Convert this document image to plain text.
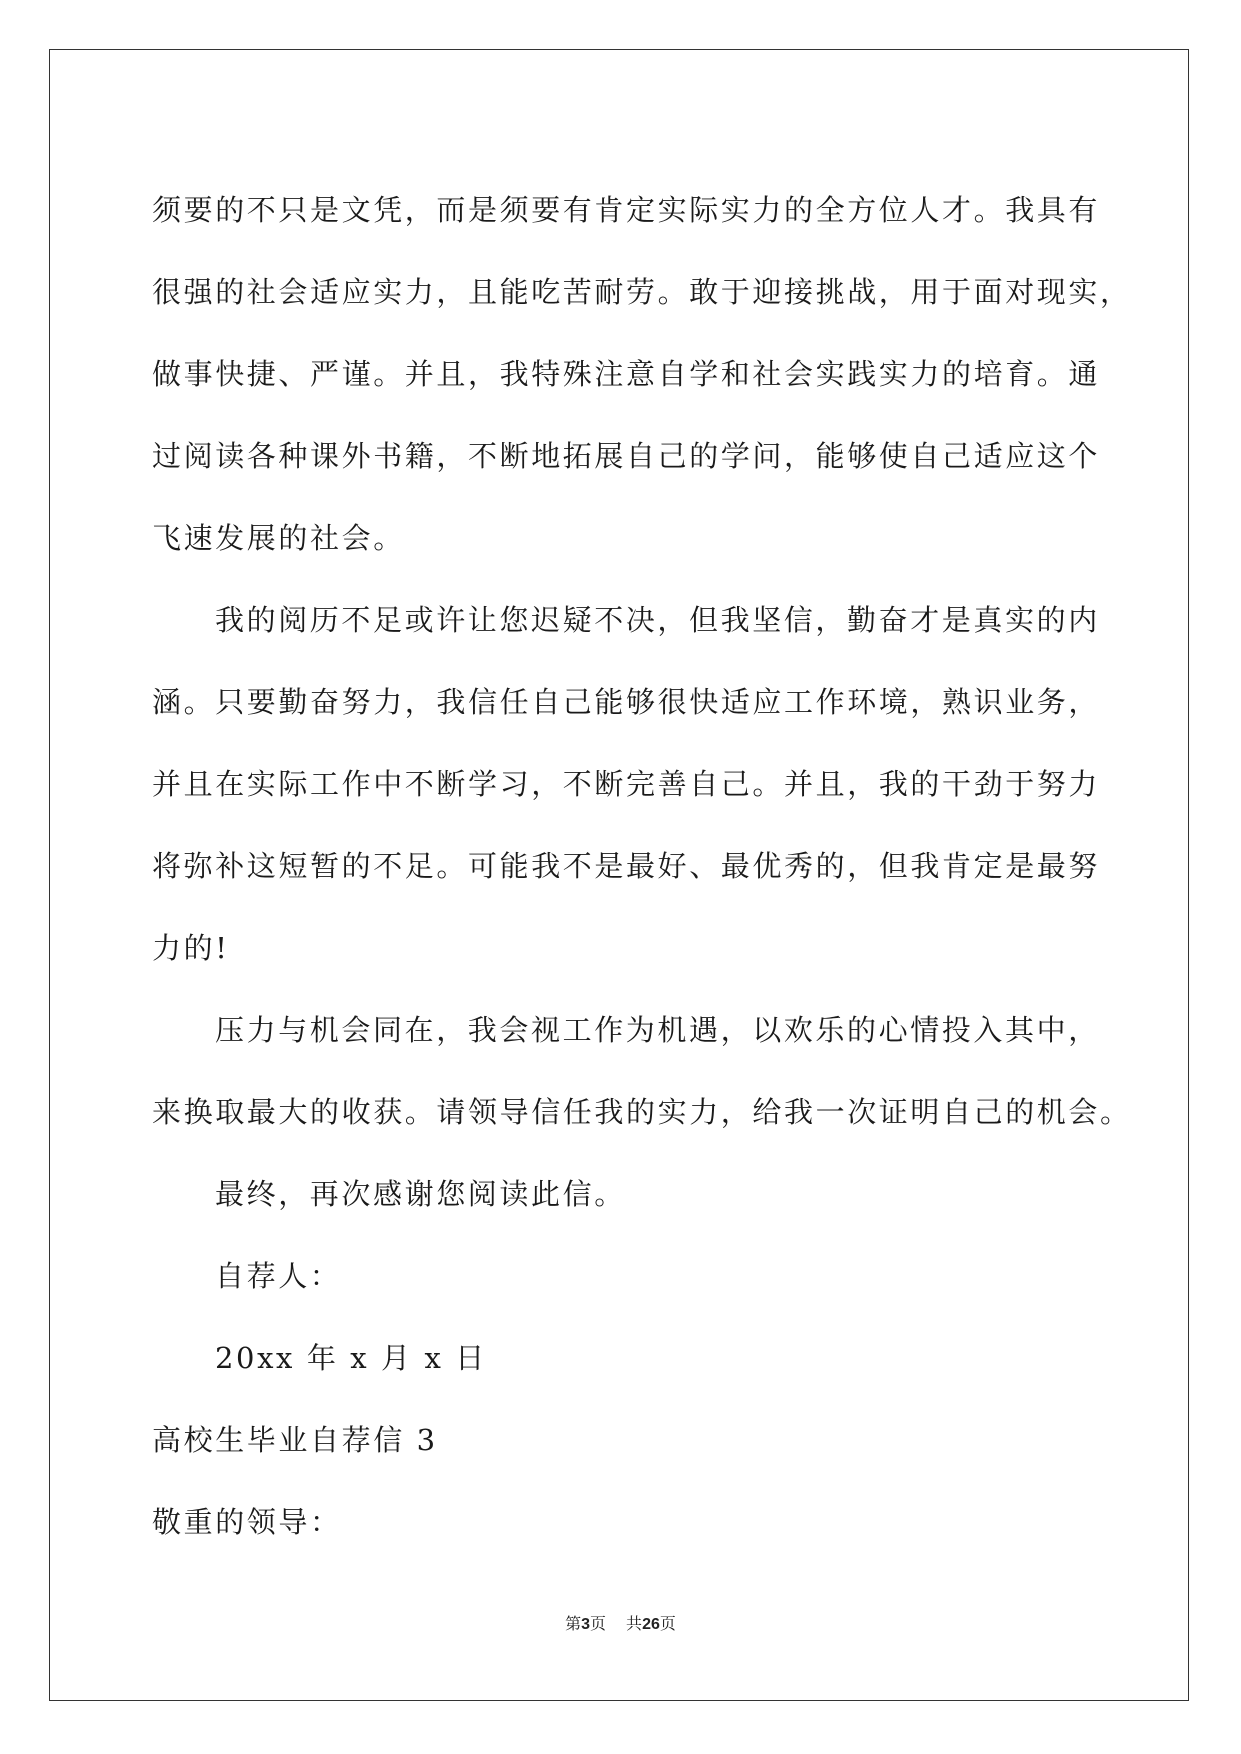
须要的不只是文凭，而是须要有肯定实际实力的全方位人才。我具有
很强的社会适应实力，且能吃苦耐劳。敢于迎接挑战，用于面对现实，
做事快捷、严谨。并且，我特殊注意自学和社会实践实力的培育。通
过阅读各种课外书籍，不断地拓展自己的学问，能够使自己适应这个
飞速发展的社会。
我的阅历不足或许让您迟疑不决，但我坚信，勤奋才是真实的内
涵。只要勤奋努力，我信任自己能够很快适应工作环境，熟识业务，
并且在实际工作中不断学习，不断完善自己。并且，我的干劲于努力
将弥补这短暂的不足。可能我不是最好、最优秀的，但我肯定是最努
力的!
压力与机会同在，我会视工作为机遇，以欢乐的心情投入其中，
来换取最大的收获。请领导信任我的实力，给我一次证明自己的机会。
最终，再次感谢您阅读此信。
自荐人：
20xx 年 x 月 x 日
高校生毕业自荐信 3
敬重的领导：
第3页 共26页
